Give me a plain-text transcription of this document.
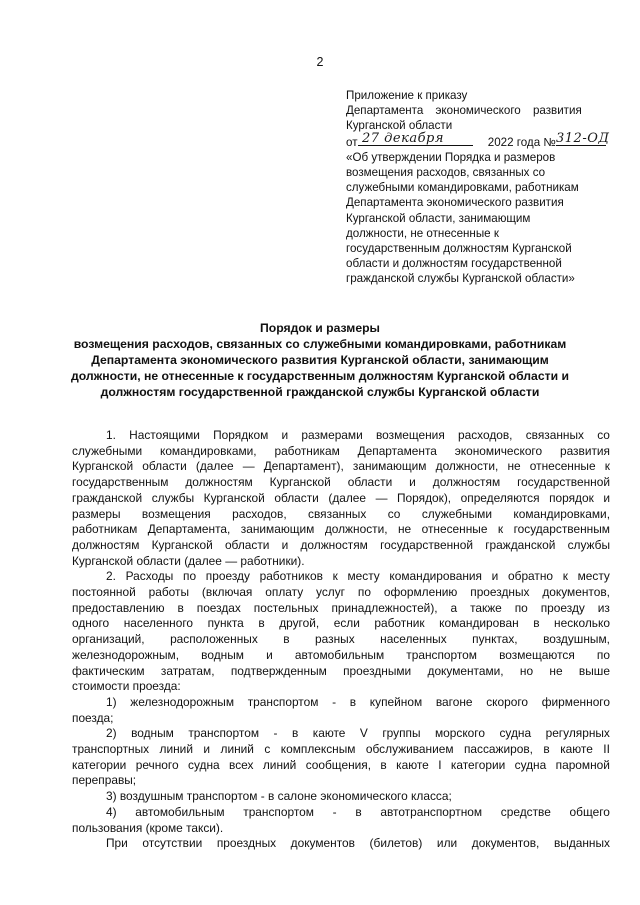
2
Приложение к приказу
Департамента экономического развития
Курганской области
от	2022 года №
27 декабря	312-ОД
«Об утверждении Порядка и размеров
возмещения расходов, связанных со
служебными командировками, работникам
Департамента экономического развития
Курганской области, занимающим
должности, не отнесенные к
государственным должностям Курганской
области и должностям государственной
гражданской службы Курганской области»
Порядок и размеры
возмещения расходов, связанных со служебными командировками, работникам
Департамента экономического развития Курганской области, занимающим
должности, не отнесенные к государственным должностям Курганской области и
должностям государственной гражданской службы Курганской области
1. Настоящими Порядком и размерами возмещения расходов, связанных со
служебными командировками, работникам Департамента экономического развития
Курганской области (далее — Департамент), занимающим должности, не отнесенные к
государственным должностям Курганской области и должностям государственной
гражданской службы Курганской области (далее — Порядок), определяются порядок и
размеры возмещения расходов, связанных со служебными командировками,
работникам Департамента, занимающим должности, не отнесенные к государственным
должностям Курганской области и должностям государственной гражданской службы
Курганской области (далее — работники).
2. Расходы по проезду работников к месту командирования и обратно к месту
постоянной работы (включая оплату услуг по оформлению проездных документов,
предоставлению в поездах постельных принадлежностей), а также по проезду из
одного населенного пункта в другой, если работник командирован в несколько
организаций, расположенных в разных населенных пунктах, воздушным,
железнодорожным, водным и автомобильным транспортом возмещаются по
фактическим затратам, подтвержденным проездными документами, но не выше
стоимости проезда:
1) железнодорожным транспортом - в купейном вагоне скорого фирменного
поезда;
2) водным транспортом - в каюте V группы морского судна регулярных
транспортных линий и линий с комплексным обслуживанием пассажиров, в каюте II
категории речного судна всех линий сообщения, в каюте I категории судна паромной
переправы;
3) воздушным транспортом - в салоне экономического класса;
4) автомобильным транспортом - в автотранспортном средстве общего
пользования (кроме такси).
При отсутствии проездных документов (билетов) или документов, выданных
